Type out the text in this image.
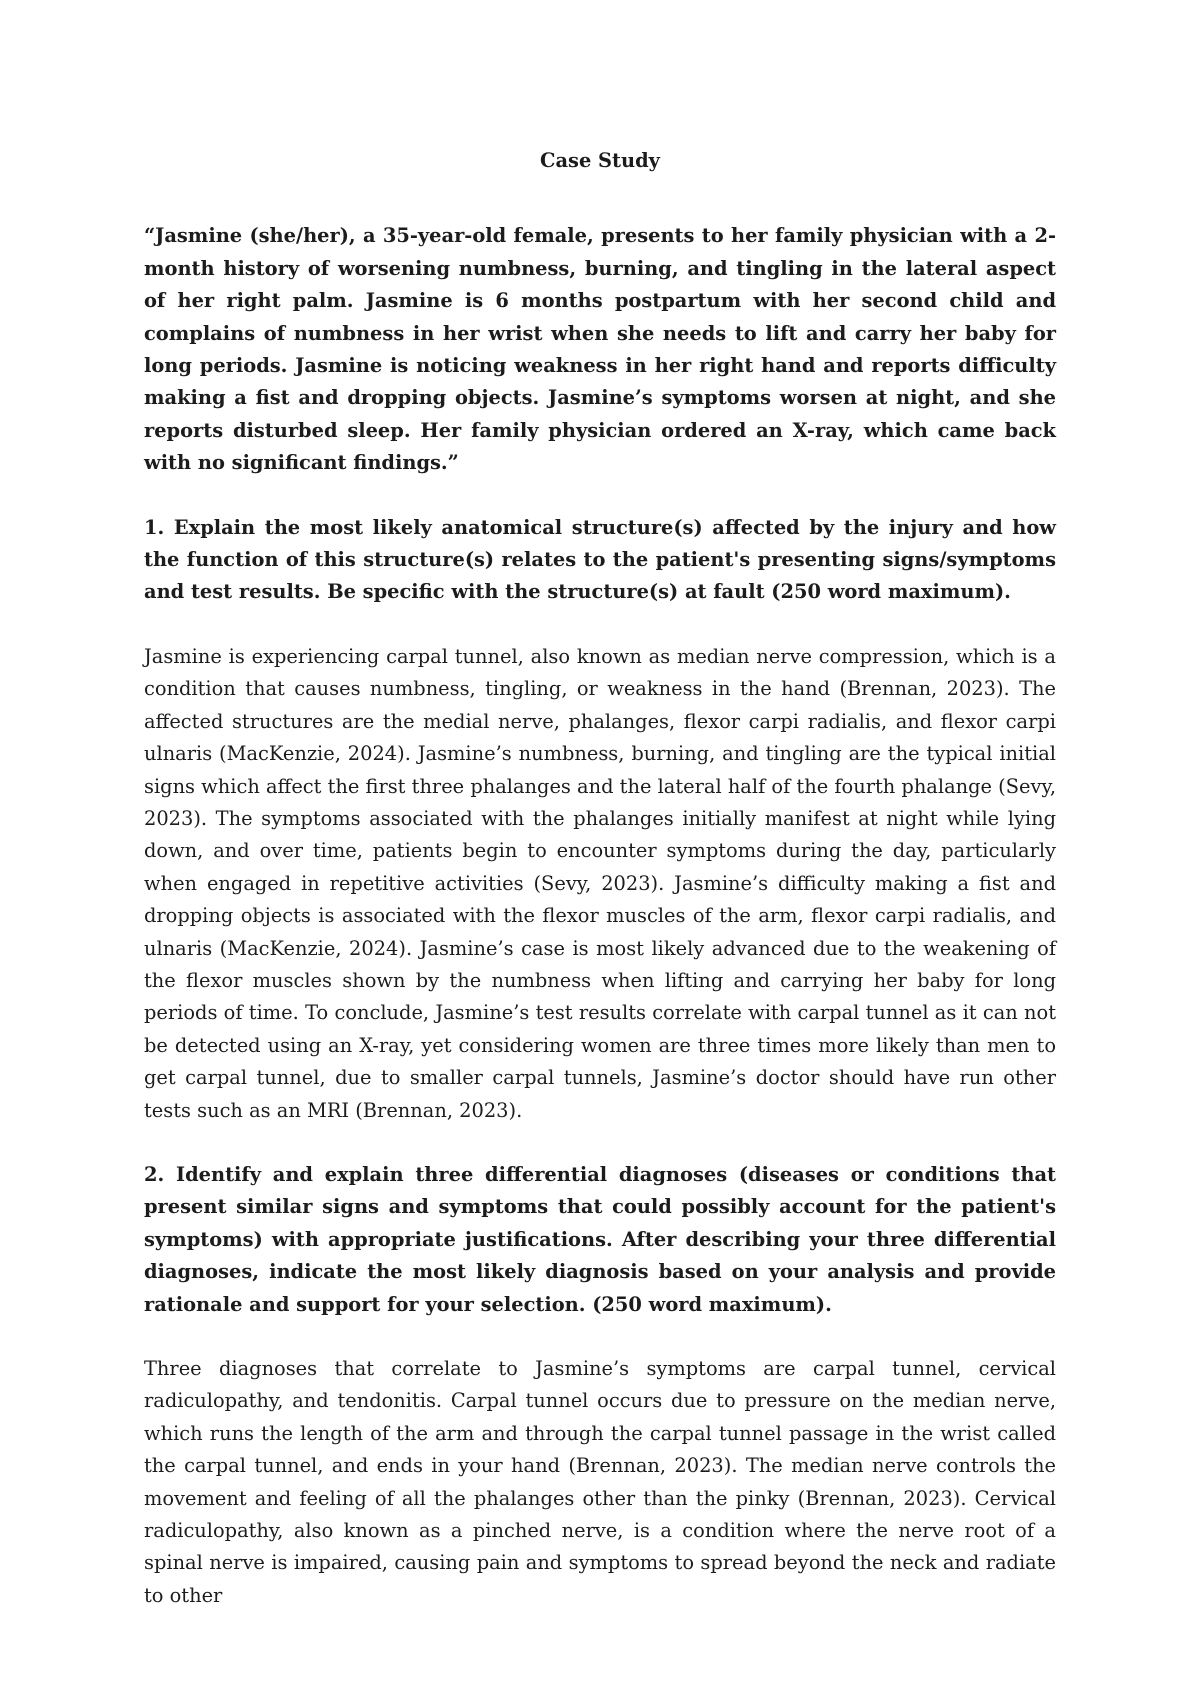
Case Study

“Jasmine (she/her), a 35-year-old female, presents to her family physician with a 2-month history of worsening numbness, burning, and tingling in the lateral aspect of her right palm. Jasmine is 6 months postpartum with her second child and complains of numbness in her wrist when she needs to lift and carry her baby for long periods. Jasmine is noticing weakness in her right hand and reports difficulty making a fist and dropping objects. Jasmine’s symptoms worsen at night, and she reports disturbed sleep. Her family physician ordered an X-ray, which came back with no significant findings.”

1. Explain the most likely anatomical structure(s) affected by the injury and how the function of this structure(s) relates to the patient's presenting signs/symptoms and test results. Be specific with the structure(s) at fault (250 word maximum).

Jasmine is experiencing carpal tunnel, also known as median nerve compression, which is a condition that causes numbness, tingling, or weakness in the hand (Brennan, 2023). The affected structures are the medial nerve, phalanges, flexor carpi radialis, and flexor carpi ulnaris (MacKenzie, 2024). Jasmine’s numbness, burning, and tingling are the typical initial signs which affect the first three phalanges and the lateral half of the fourth phalange (Sevy, 2023). The symptoms associated with the phalanges initially manifest at night while lying down, and over time, patients begin to encounter symptoms during the day, particularly when engaged in repetitive activities (Sevy, 2023). Jasmine’s difficulty making a fist and dropping objects is associated with the flexor muscles of the arm, flexor carpi radialis, and ulnaris (MacKenzie, 2024). Jasmine’s case is most likely advanced due to the weakening of the flexor muscles shown by the numbness when lifting and carrying her baby for long periods of time. To conclude, Jasmine’s test results correlate with carpal tunnel as it can not be detected using an X-ray, yet considering women are three times more likely than men to get carpal tunnel, due to smaller carpal tunnels, Jasmine’s doctor should have run other tests such as an MRI (Brennan, 2023).

2. Identify and explain three differential diagnoses (diseases or conditions that present similar signs and symptoms that could possibly account for the patient's symptoms) with appropriate justifications. After describing your three differential diagnoses, indicate the most likely diagnosis based on your analysis and provide rationale and support for your selection. (250 word maximum).

Three diagnoses that correlate to Jasmine’s symptoms are carpal tunnel, cervical radiculopathy, and tendonitis. Carpal tunnel occurs due to pressure on the median nerve, which runs the length of the arm and through the carpal tunnel passage in the wrist called the carpal tunnel, and ends in your hand (Brennan, 2023). The median nerve controls the movement and feeling of all the phalanges other than the pinky (Brennan, 2023). Cervical radiculopathy, also known as a pinched nerve, is a condition where the nerve root of a spinal nerve is impaired, causing pain and symptoms to spread beyond the neck and radiate to other
